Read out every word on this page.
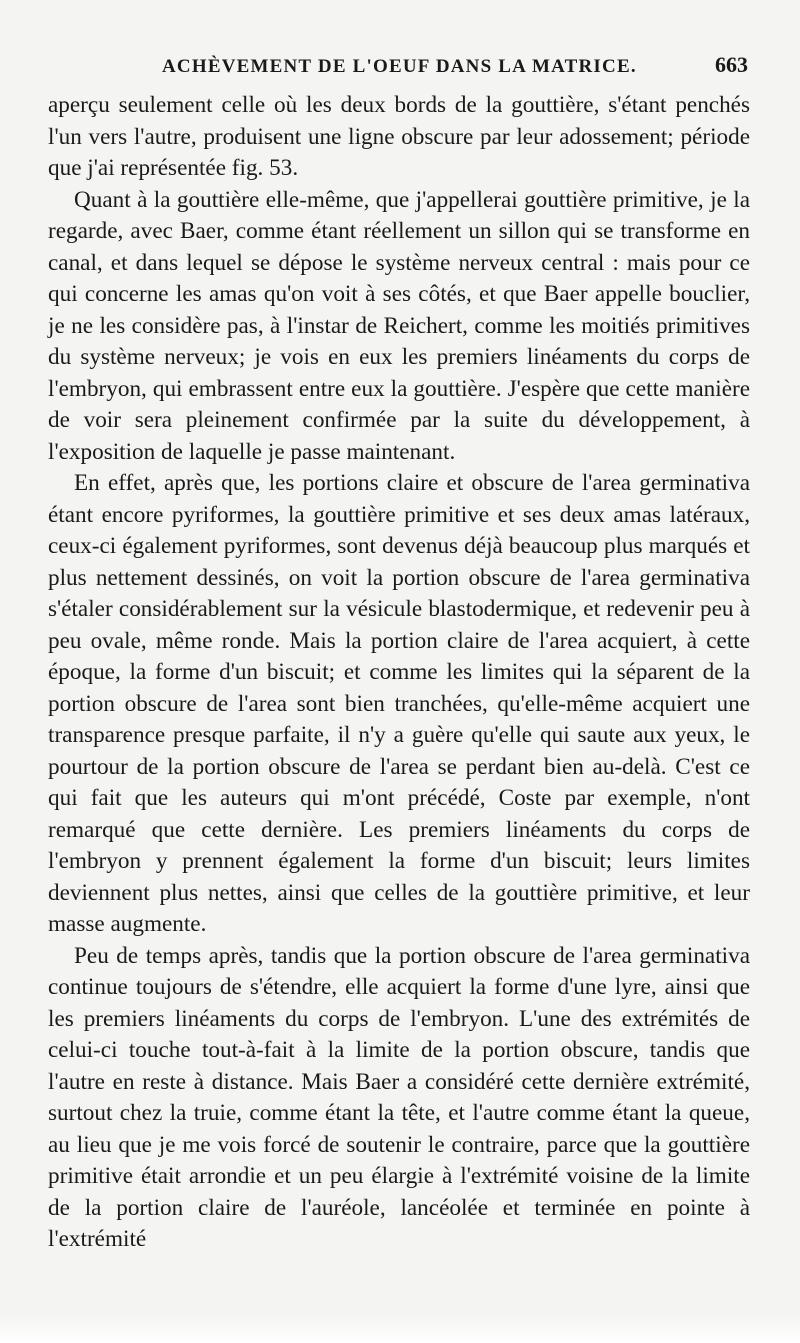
ACHÈVEMENT DE L'OEUF DANS LA MATRICE.	663

aperçu seulement celle où les deux bords de la gouttière, s'étant penchés l'un vers l'autre, produisent une ligne obscure par leur adossement; période que j'ai représentée fig. 53.

Quant à la gouttière elle-même, que j'appellerai gouttière primitive, je la regarde, avec Baer, comme étant réellement un sillon qui se transforme en canal, et dans lequel se dépose le système nerveux central : mais pour ce qui concerne les amas qu'on voit à ses côtés, et que Baer appelle bouclier, je ne les considère pas, à l'instar de Reichert, comme les moitiés primitives du système nerveux; je vois en eux les premiers linéaments du corps de l'embryon, qui embrassent entre eux la gouttière. J'espère que cette manière de voir sera pleinement confirmée par la suite du développement, à l'exposition de laquelle je passe maintenant.

En effet, après que, les portions claire et obscure de l'area germinativa étant encore pyriformes, la gouttière primitive et ses deux amas latéraux, ceux-ci également pyriformes, sont devenus déjà beaucoup plus marqués et plus nettement dessinés, on voit la portion obscure de l'area germinativa s'étaler considérablement sur la vésicule blastodermique, et redevenir peu à peu ovale, même ronde. Mais la portion claire de l'area acquiert, à cette époque, la forme d'un biscuit; et comme les limites qui la séparent de la portion obscure de l'area sont bien tranchées, qu'elle-même acquiert une transparence presque parfaite, il n'y a guère qu'elle qui saute aux yeux, le pourtour de la portion obscure de l'area se perdant bien au-delà. C'est ce qui fait que les auteurs qui m'ont précédé, Coste par exemple, n'ont remarqué que cette dernière. Les premiers linéaments du corps de l'embryon y prennent également la forme d'un biscuit; leurs limites deviennent plus nettes, ainsi que celles de la gouttière primitive, et leur masse augmente.

Peu de temps après, tandis que la portion obscure de l'area germinativa continue toujours de s'étendre, elle acquiert la forme d'une lyre, ainsi que les premiers linéaments du corps de l'embryon. L'une des extrémités de celui-ci touche tout-à-fait à la limite de la portion obscure, tandis que l'autre en reste à distance. Mais Baer a considéré cette dernière extrémité, surtout chez la truie, comme étant la tête, et l'autre comme étant la queue, au lieu que je me vois forcé de soutenir le contraire, parce que la gouttière primitive était arrondie et un peu élargie à l'extrémité voisine de la limite de la portion claire de l'auréole, lancéolée et terminée en pointe à l'extrémité
